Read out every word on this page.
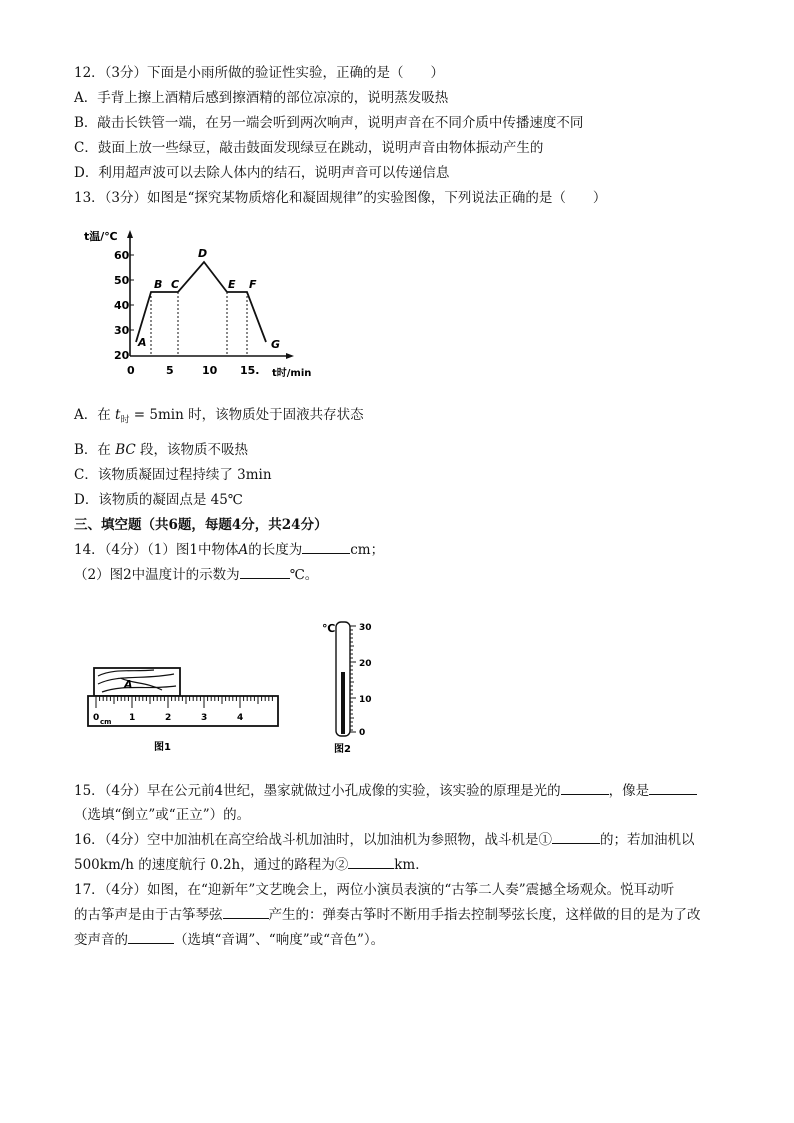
12．（3分）下面是小雨所做的验证性实验，正确的是（　　）
A．手背上擦上酒精后感到擦酒精的部位凉凉的，说明蒸发吸热
B．敲击长铁管一端，在另一端会听到两次响声，说明声音在不同介质中传播速度不同
C．鼓面上放一些绿豆，敲击鼓面发现绿豆在跳动，说明声音由物体振动产生的
D．利用超声波可以去除人体内的结石，说明声音可以传递信息
13．（3分）如图是“探究某物质熔化和凝固规律”的实验图像，下列说法正确的是（　　）
t温/℃
20
30
40
50
60
0	5	10 15. t时/min
A
B C
D
E F
G
A．在 $t_时 = 5\min$ 时，该物质处于固液共存状态
B．在 BC 段，该物质不吸热
C．该物质凝固过程持续了 3min
D．该物质的凝固点是 45℃
三、填空题（共6题，每题4分，共24分）
14．（4分）（1）图1中物体A的长度为	cm；
（2）图2中温度计的示数为	℃。
A
0	1	2	3	4
cm
图1
℃	30
20
10
0
图2
15．（4分）早在公元前4世纪，墨家就做过小孔成像的实验，该实验的原理是光的	，像是
（选填“倒立”或“正立”）的。
16．（4分）空中加油机在高空给战斗机加油时，以加油机为参照物，战斗机是①	的；若加油机以
500km/h 的速度航行 0.2h，通过的路程为②	km．
17．（4分）如图，在“迎新年”文艺晚会上，两位小演员表演的“古筝二人奏”震撼全场观众。悦耳动听
的古筝声是由于古筝琴弦	产生的：弹奏古筝时不断用手指去控制琴弦长度，这样做的目的是为了改
变声音的	（选填“音调”、“响度”或“音色”）。
